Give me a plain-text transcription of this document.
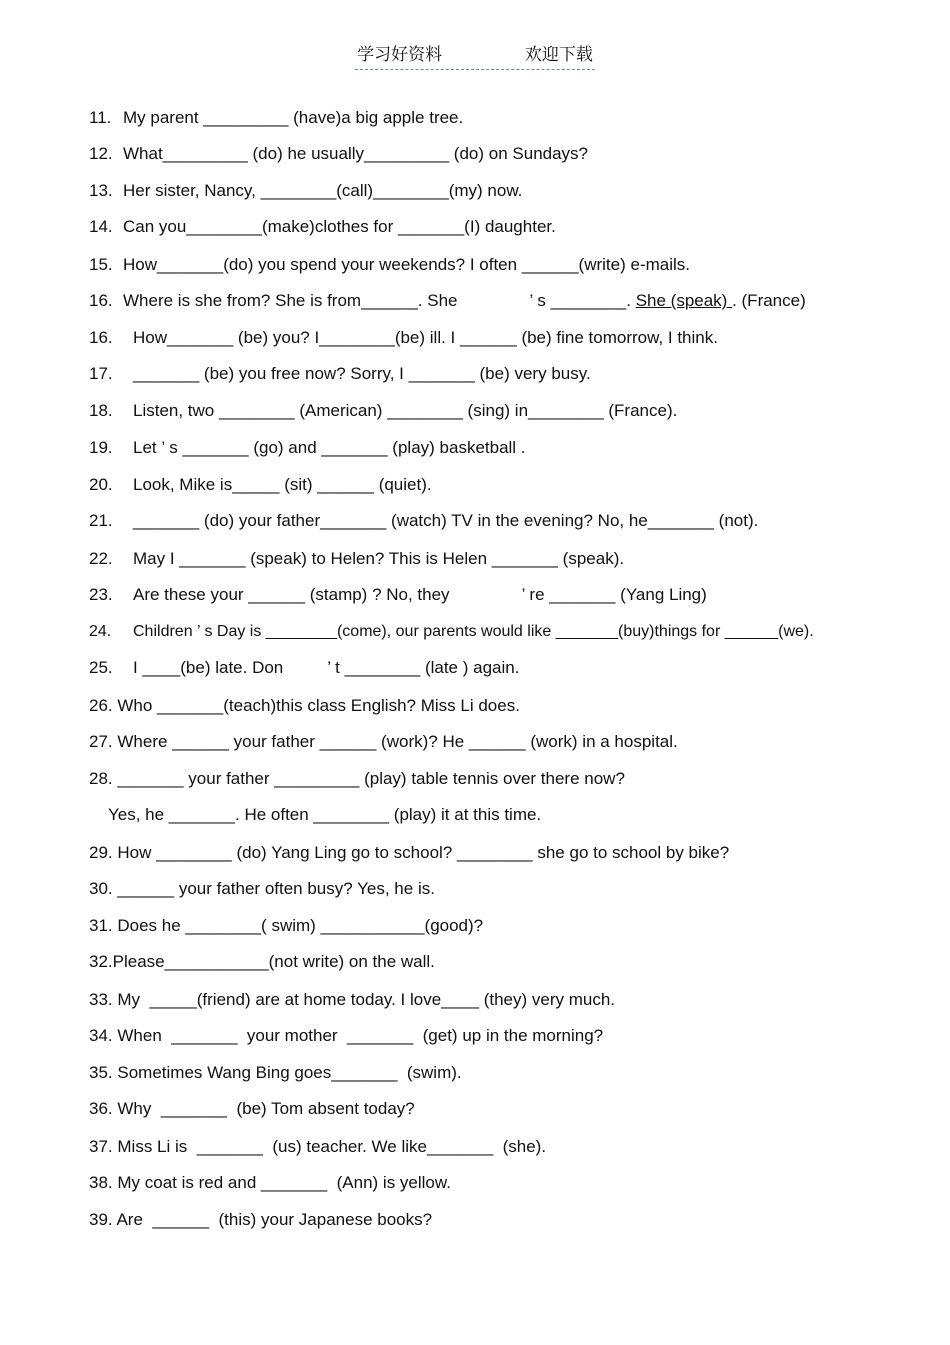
学习好资料	欢迎下载
11. My parent _________ (have)a big apple tree.
12. What_________ (do) he usually_________ (do) on Sundays?
13. Her sister, Nancy, ________(call)________(my) now.
14. Can you________(make)clothes for _______(I) daughter.
15. How_______(do) you spend your weekends? I often ______(write) e-mails.
16. Where is she from? She is from______. She	’ s ________. She (speak) . (France)
16. How_______ (be) you? I________(be) ill. I ______ (be) fine tomorrow, I think.
17. _______ (be) you free now? Sorry, I _______ (be) very busy.
18. Listen, two ________ (American) ________ (sing) in________ (France).
19. Let ’ s _______ (go) and _______ (play) basketball .
20. Look, Mike is_____ (sit) ______ (quiet).
21. _______ (do) your father_______ (watch) TV in the evening? No, he_______ (not).
22. May I _______ (speak) to Helen? This is Helen _______ (speak).
23. Are these your ______ (stamp) ? No, they	’ re _______ (Yang Ling)
24. Children ’ s Day is ________(come), our parents would like _______(buy)things for ______(we).
25. I ____(be) late. Don	’ t ________ (late ) again.
26. Who _______(teach)this class English? Miss Li does.
27. Where ______ your father ______ (work)? He ______ (work) in a hospital.
28. _______ your father _________ (play) table tennis over there now?
Yes, he _______. He often ________ (play) it at this time.
29. How ________ (do) Yang Ling go to school? ________ she go to school by bike?
30. ______ your father often busy? Yes, he is.
31. Does he ________( swim) ___________(good)?
32.Please___________(not write) on the wall.
33. My  _____(friend) are at home today. I love____ (they) very much.
34. When  _______  your mother  _______  (get) up in the morning?
35. Sometimes Wang Bing goes_______  (swim).
36. Why  _______  (be) Tom absent today?
37. Miss Li is  _______  (us) teacher. We like_______  (she).
38. My coat is red and _______  (Ann) is yellow.
39. Are  ______  (this) your Japanese books?
